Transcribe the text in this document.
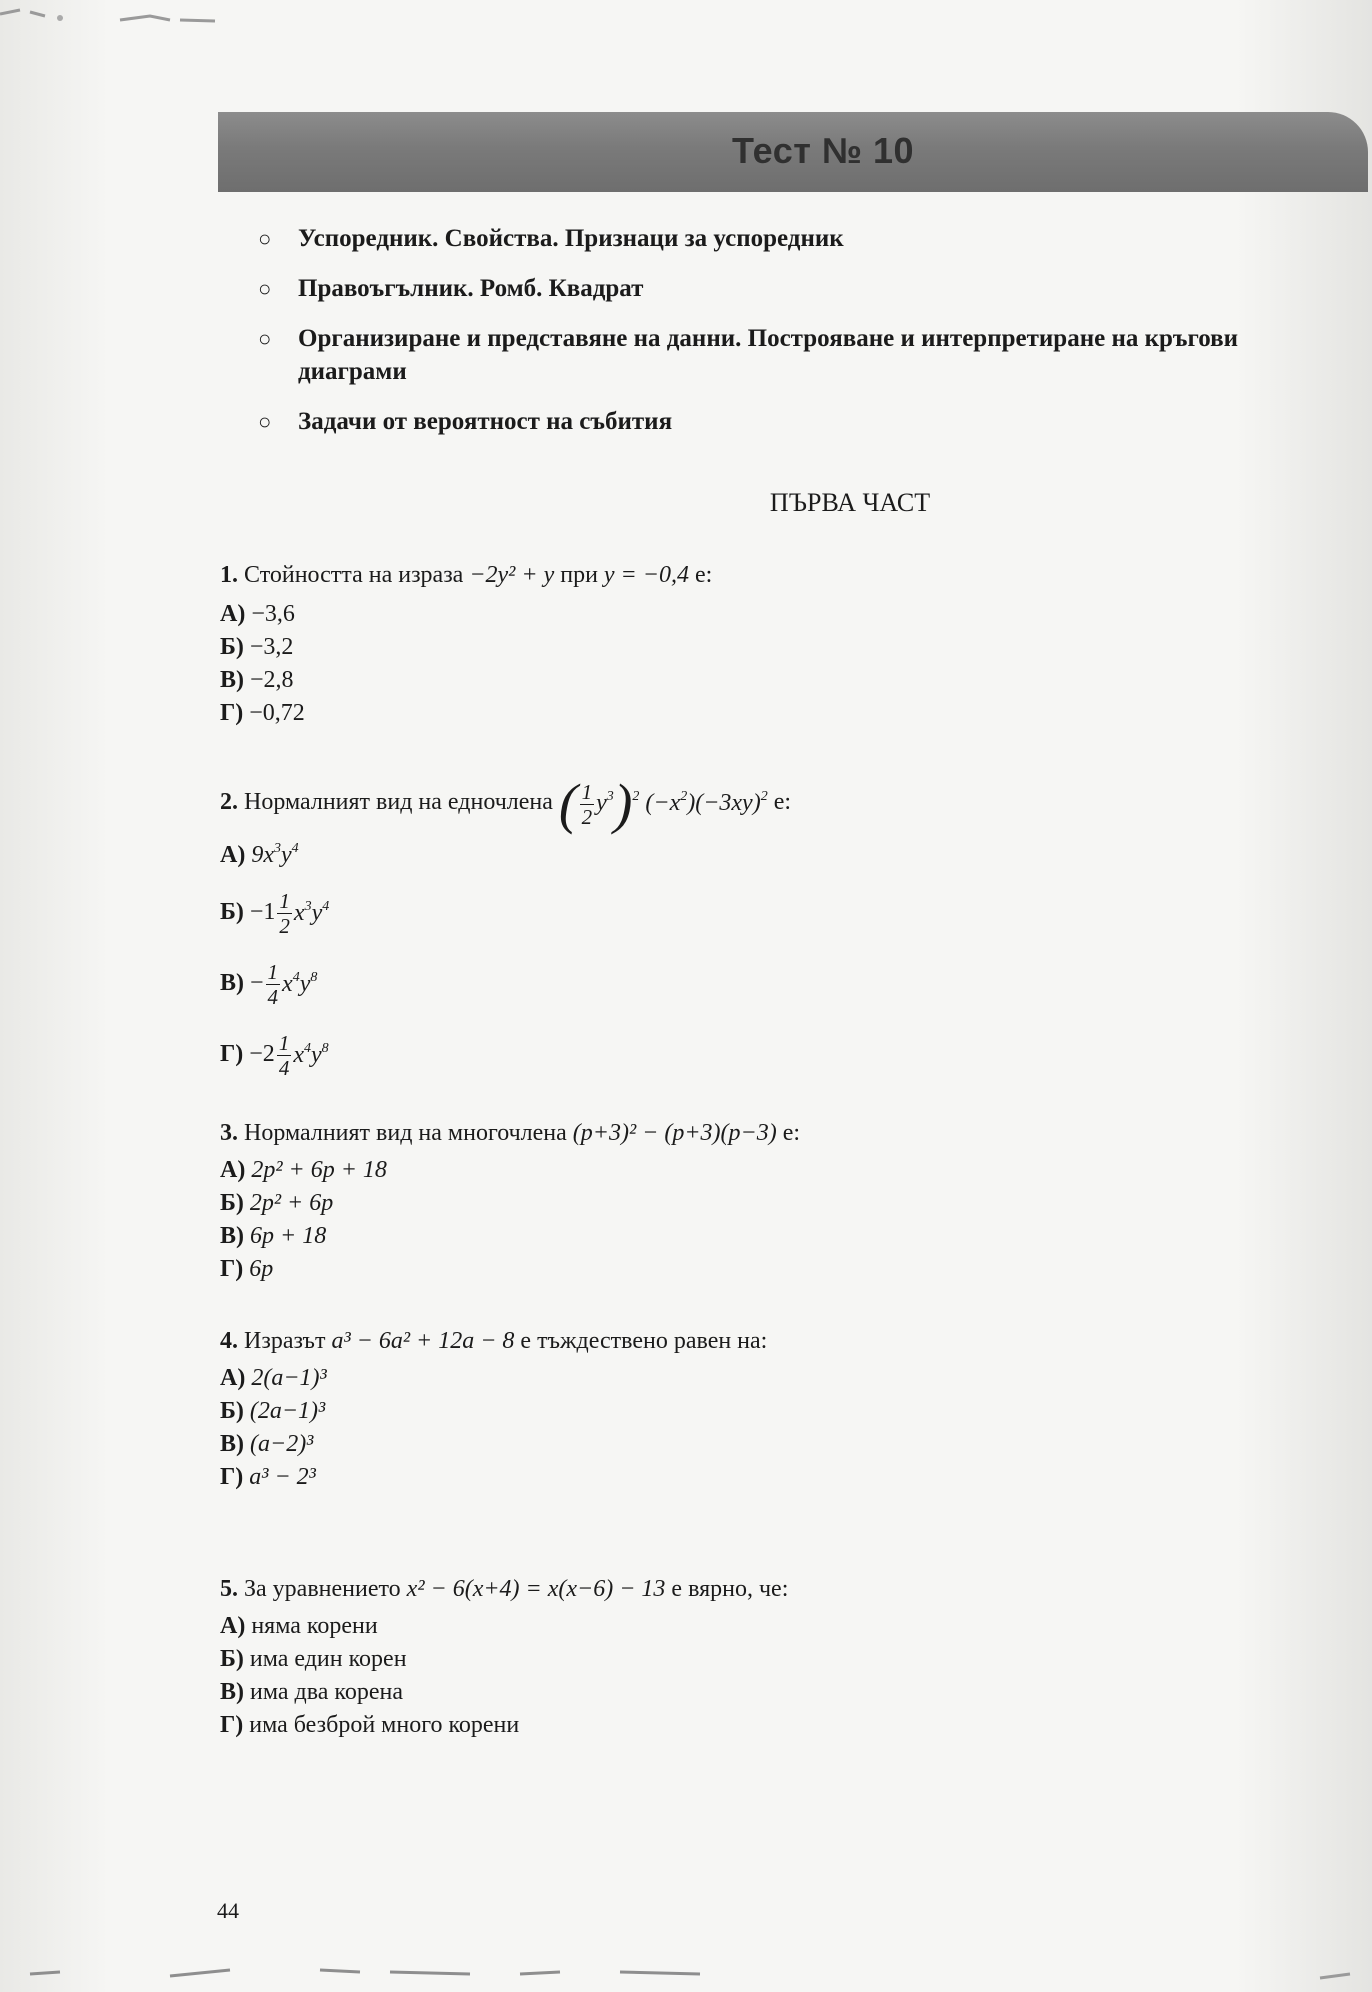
Тест № 10
○ Успоредник. Свойства. Признаци за успоредник
○ Правоъгълник. Ромб. Квадрат
○ Организиране и представяне на данни. Построяване и интерпретиране на кръгови диаграми
○ Задачи от вероятност на събития
ПЪРВА ЧАСТ
1. Стойността на израза −2y² + y при y = −0,4 е:
А) −3,6
Б) −3,2
В) −2,8
Г) −0,72
2. Нормалният вид на едночлена ( $\frac{1}{2} y^3)^2$ $(-x^2)(-3xy)^2$ е:
А) $9x^3y^4$
$Б) -1 \frac{1}{2} x^3y^4$
$В) - \frac{1}{4} x^4y^8$
$Г) -2 \frac{1}{4} x^4y^8$
3. Нормалният вид на многочлена (p+3)² − (p+3)(p−3) е:
А) 2p² + 6p + 18
Б) 2p² + 6p
В) 6p + 18
Г) 6p
4. Изразът a³ − 6a² + 12a − 8 е тъждествено равен на:
А) 2(a−1)³
Б) (2a−1)³
В) (a−2)³
Г) a³ − 2³
5. За уравнението x² − 6(x+4) = x(x−6) − 13 е вярно, че:
А) няма корени
Б) има един корен
В) има два корена
Г) има безброй много корени
44
